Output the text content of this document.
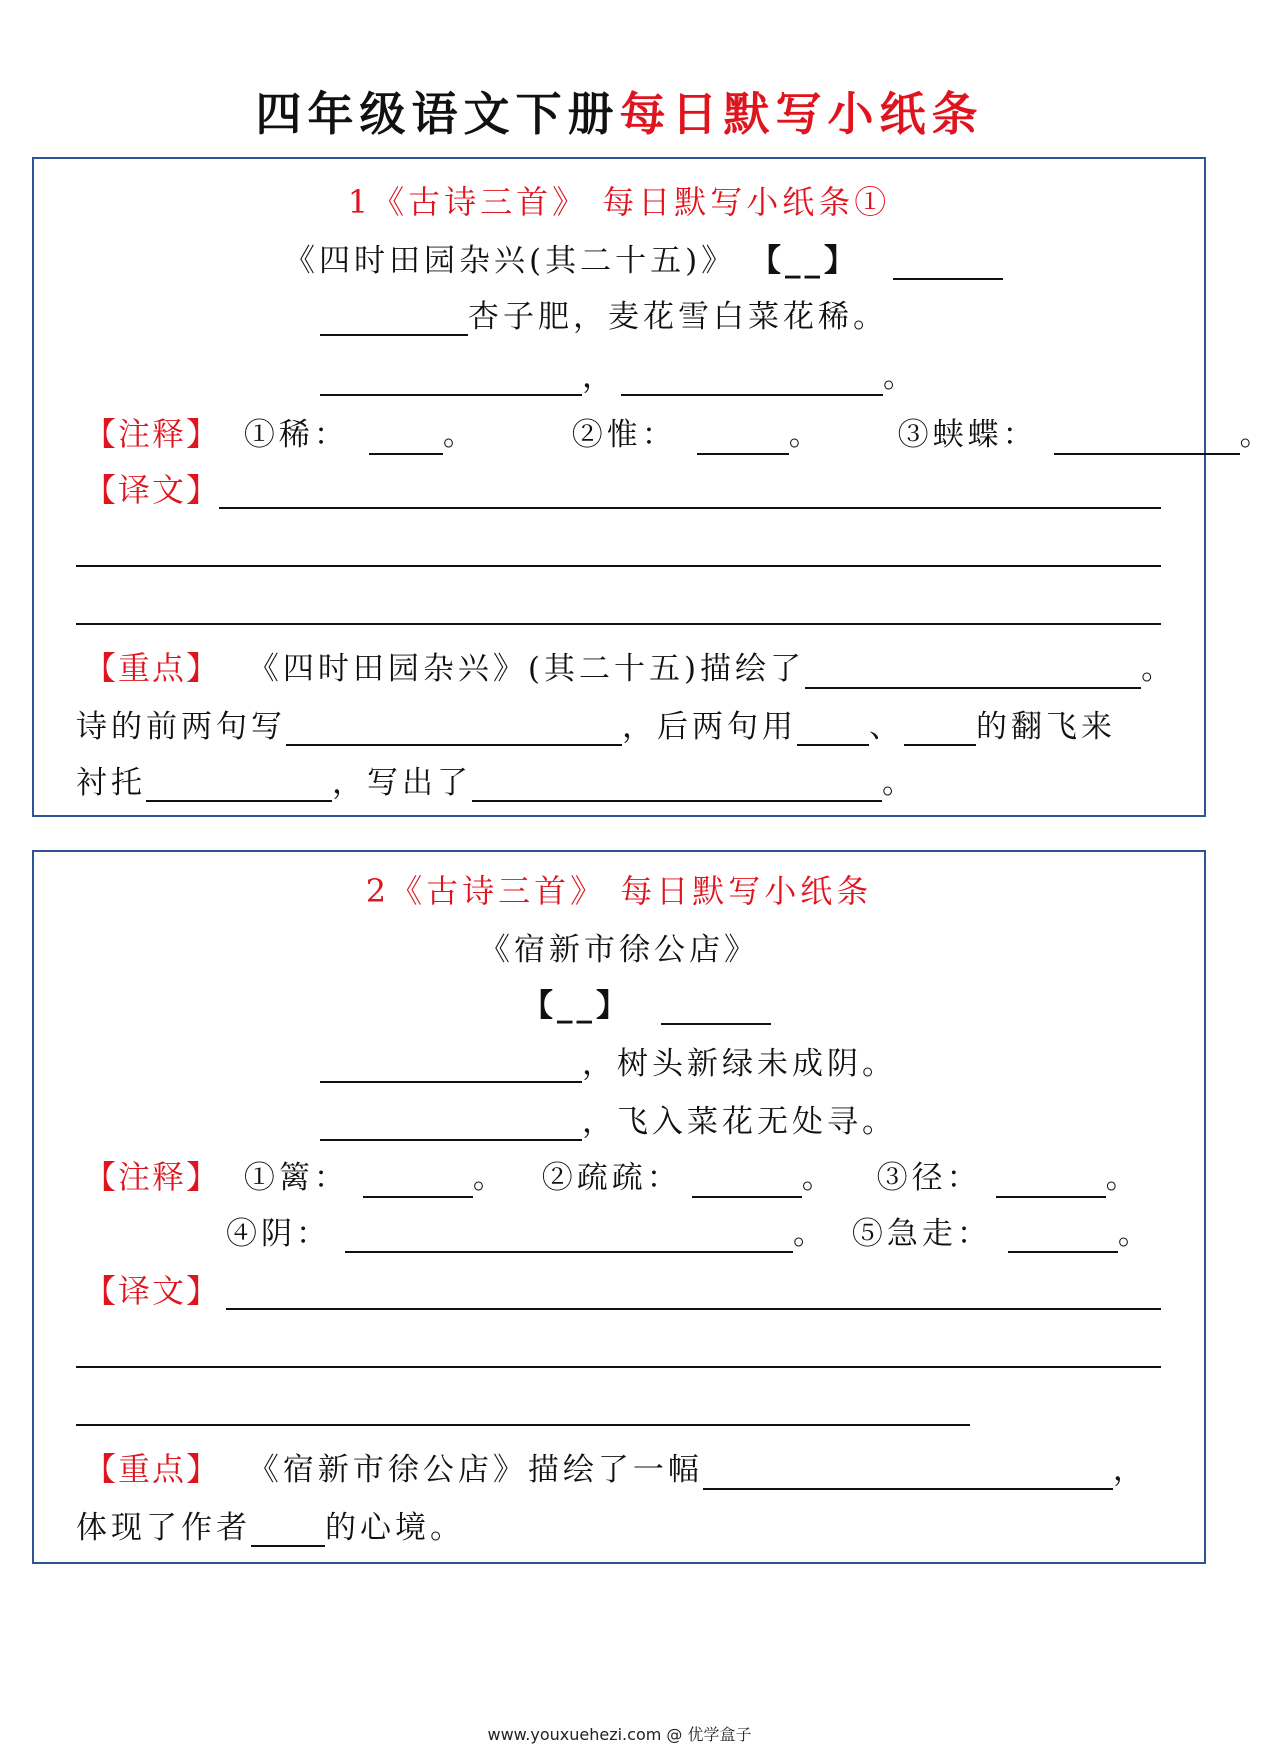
四年级语文下册每日默写小纸条
1《古诗三首》 每日默写小纸条①
《四时田园杂兴(其二十五)》 【__】
杏子肥，麦花雪白菜花稀。
，	。
【注释】 ①稀：	。	②惟：	。 ③蛱蝶：	。
【译文】
【重点】 《四时田园杂兴》(其二十五)描绘了	。
诗的前两句写	，后两句用 、 的翻飞来
衬托	，写出了	。
2《古诗三首》 每日默写小纸条
《宿新市徐公店》
【__】
，树头新绿未成阴。
，飞入菜花无处寻。
【注释】 ①篱：	。 ②疏疏：	。 ③径：	。
④阴：	。 ⑤急走：	。
【译文】
【重点】 《宿新市徐公店》描绘了一幅	，
体现了作者 的心境。
www.youxuehezi.com @ 优学盒子
